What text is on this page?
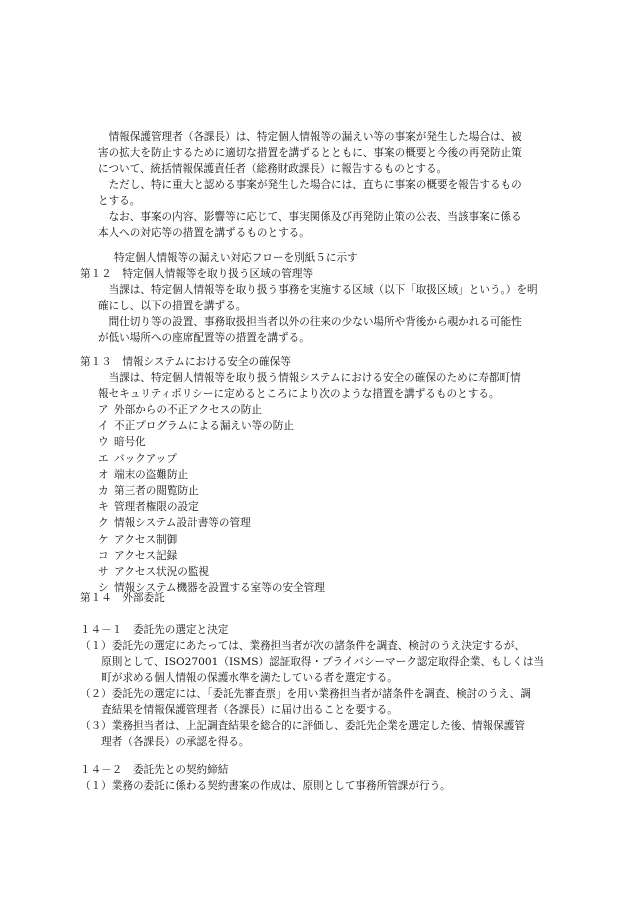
　情報保護管理者（各課長）は、特定個人情報等の漏えい等の事案が発生した場合は、被
害の拡大を防止するために適切な措置を講ずるとともに、事案の概要と今後の再発防止策
について、統括情報保護責任者（総務財政課長）に報告するものとする。
　ただし、特に重大と認める事案が発生した場合には、直ちに事案の概要を報告するもの
とする。
　なお、事案の内容、影響等に応じて、事実関係及び再発防止策の公表、当該事案に係る
本人への対応等の措置を講ずるものとする。
特定個人情報等の漏えい対応フローを別紙５に示す
第１２　特定個人情報等を取り扱う区域の管理等
　当課は、特定個人情報等を取り扱う事務を実施する区域（以下「取扱区域」という。）を明
確にし、以下の措置を講ずる。
　間仕切り等の設置、事務取扱担当者以外の往来の少ない場所や背後から覗かれる可能性
が低い場所への座席配置等の措置を講ずる。
第１３　情報システムにおける安全の確保等
　当課は、特定個人情報等を取り扱う情報システムにおける安全の確保のために寿都町情
報セキュリティポリシーに定めるところにより次のような措置を講ずるものとする。
ア 外部からの不正アクセスの防止
イ 不正プログラムによる漏えい等の防止
ウ 暗号化
エ バックアップ
オ 端末の盗難防止
カ 第三者の閲覧防止
キ 管理者権限の設定
ク 情報システム設計書等の管理
ケ アクセス制御
コ アクセス記録
サ アクセス状況の監視
シ 情報システム機器を設置する室等の安全管理
第１４　外部委託
１４－１　委託先の選定と決定
（１）委託先の選定にあたっては、業務担当者が次の諸条件を調査、検討のうえ決定するが、
　　原則として、ISO27001（ISMS）認証取得・プライバシーマーク認定取得企業、もしくは当
　　町が求める個人情報の保護水準を満たしている者を選定する。
（２）委託先の選定には、「委託先審査票」を用い業務担当者が諸条件を調査、検討のうえ、調
　　査結果を情報保護管理者（各課長）に届け出ることを要する。
（３）業務担当者は、上記調査結果を総合的に評価し、委託先企業を選定した後、情報保護管
　　理者（各課長）の承認を得る。
１４－２　委託先との契約締結
（１）業務の委託に係わる契約書案の作成は、原則として事務所管課が行う。
